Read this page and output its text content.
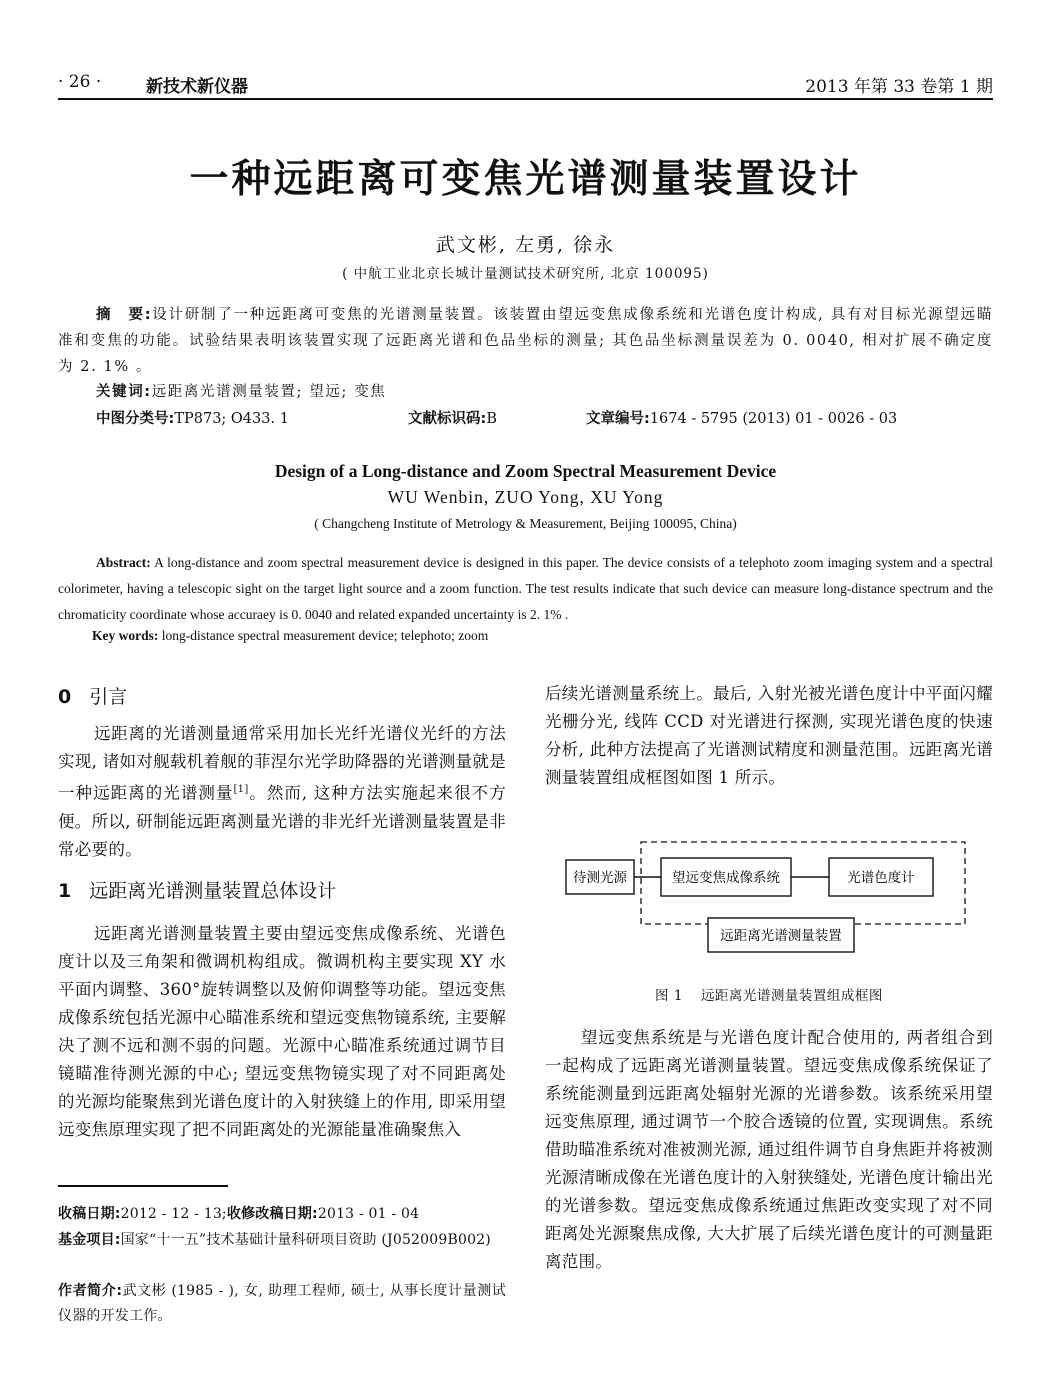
· 26 ·	新技术新仪器	2013 年第 33 卷第 1 期
一种远距离可变焦光谱测量装置设计
武文彬, 左勇, 徐永
( 中航工业北京长城计量测试技术研究所, 北京 100095)
摘　要:设计研制了一种远距离可变焦的光谱测量装置。该装置由望远变焦成像系统和光谱色度计构成, 具有对目标光源望远瞄准和变焦的功能。试验结果表明该装置实现了远距离光谱和色品坐标的测量; 其色品坐标测量误差为 0. 0040, 相对扩展不确定度为 2. 1% 。
关键词:远距离光谱测量装置; 望远; 变焦
中图分类号:TP873; O433. 1	文献标识码:B	文章编号:1674 - 5795 (2013) 01 - 0026 - 03
Design of a Long-distance and Zoom Spectral Measurement Device
WU Wenbin, ZUO Yong, XU Yong
( Changcheng Institute of Metrology & Measurement, Beijing 100095, China)
Abstract: A long-distance and zoom spectral measurement device is designed in this paper. The device consists of a telephoto zoom imaging system and a spectral colorimeter, having a telescopic sight on the target light source and a zoom function. The test results indicate that such device can measure long-distance spectrum and the chromaticity coordinate whose accuraey is 0. 0040 and related expanded uncertainty is 2. 1% .
Key words: long-distance spectral measurement device; telephoto; zoom
0 引言
远距离的光谱测量通常采用加长光纤光谱仪光纤的方法实现, 诸如对舰载机着舰的菲涅尔光学助降器的光谱测量就是一种远距离的光谱测量[1]。然而, 这种方法实施起来很不方便。所以, 研制能远距离测量光谱的非光纤光谱测量装置是非常必要的。
1 远距离光谱测量装置总体设计
远距离光谱测量装置主要由望远变焦成像系统、光谱色度计以及三角架和微调机构组成。微调机构主要实现 XY 水平面内调整、360°旋转调整以及俯仰调整等功能。望远变焦成像系统包括光源中心瞄准系统和望远变焦物镜系统, 主要解决了测不远和测不弱的问题。光源中心瞄准系统通过调节目镜瞄准待测光源的中心; 望远变焦物镜实现了对不同距离处的光源均能聚焦到光谱色度计的入射狭缝上的作用, 即采用望远变焦原理实现了把不同距离处的光源能量准确聚焦入
收稿日期:2012 - 12 - 13;收修改稿日期:2013 - 01 - 04
基金项目:国家“十一五”技术基础计量科研项目资助 (J052009B002)
作者简介:武文彬 (1985 - ), 女, 助理工程师, 硕士, 从事长度计量测试仪器的开发工作。
后续光谱测量系统上。最后, 入射光被光谱色度计中平面闪耀光栅分光, 线阵 CCD 对光谱进行探测, 实现光谱色度的快速分析, 此种方法提高了光谱测试精度和测量范围。远距离光谱测量装置组成框图如图 1 所示。
待测光源	望远变焦成像系统	光谱色度计
远距离光谱测量装置
图 1 远距离光谱测量装置组成框图
望远变焦系统是与光谱色度计配合使用的, 两者组合到一起构成了远距离光谱测量装置。望远变焦成像系统保证了系统能测量到远距离处辐射光源的光谱参数。该系统采用望远变焦原理, 通过调节一个胶合透镜的位置, 实现调焦。系统借助瞄准系统对准被测光源, 通过组件调节自身焦距并将被测光源清晰成像在光谱色度计的入射狭缝处, 光谱色度计输出光的光谱参数。望远变焦成像系统通过焦距改变实现了对不同距离处光源聚焦成像, 大大扩展了后续光谱色度计的可测量距离范围。
